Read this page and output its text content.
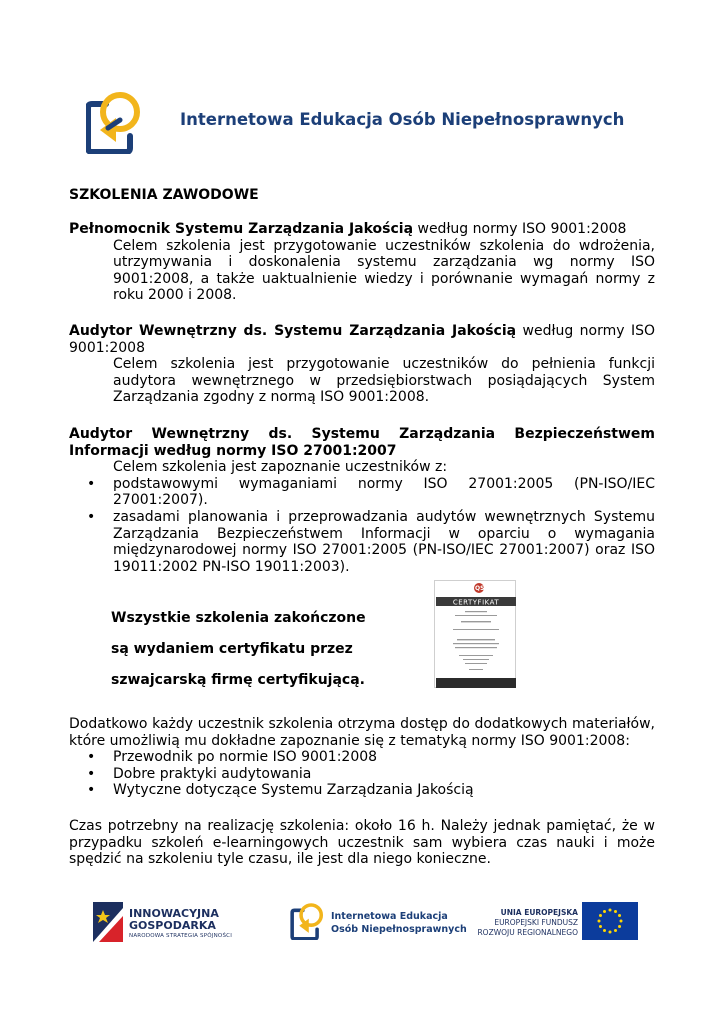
Internetowa Edukacja Osób Niepełnosprawnych
SZKOLENIA ZAWODOWE
Pełnomocnik Systemu Zarządzania Jakością według normy ISO 9001:2008
Celem szkolenia jest przygotowanie uczestników szkolenia do wdrożenia, utrzymywania i doskonalenia systemu zarządzania wg normy ISO 9001:2008, a także uaktualnienie wiedzy i porównanie wymagań normy z roku 2000 i 2008.
Audytor Wewnętrzny ds. Systemu Zarządzania Jakością według normy ISO 9001:2008
Celem szkolenia jest przygotowanie uczestników do pełnienia funkcji audytora wewnętrznego w przedsiębiorstwach posiądających System Zarządzania zgodny z normą ISO 9001:2008.
Audytor Wewnętrzny ds. Systemu Zarządzania Bezpieczeństwem Informacji według normy ISO 27001:2007
Celem szkolenia jest zapoznanie uczestników z:
• podstawowymi wymaganiami normy ISO 27001:2005 (PN-ISO/IEC 27001:2007).
• zasadami planowania i przeprowadzania audytów wewnętrznych Systemu Zarządzania Bezpieczeństwem Informacji w oparciu o wymagania międzynarodowej normy ISO 27001:2005 (PN-ISO/IEC 27001:2007) oraz ISO 19011:2002 PN-ISO 19011:2003).
Wszystkie szkolenia zakończone
są wydaniem certyfikatu przez
szwajcarską firmę certyfikującą.
QS
CERTYFIKAT
Dodatkowo każdy uczestnik szkolenia otrzyma dostęp do dodatkowych materiałów, które umożliwią mu dokładne zapoznanie się z tematyką normy ISO 9001:2008:
• Przewodnik po normie ISO 9001:2008
• Dobre praktyki audytowania
• Wytyczne dotyczące Systemu Zarządzania Jakością
Czas potrzebny na realizację szkolenia: około 16 h. Należy jednak pamiętać, że w przypadku szkoleń e-learningowych uczestnik sam wybiera czas nauki i może spędzić na szkoleniu tyle czasu, ile jest dla niego konieczne.
INNOWACYJNA
GOSPODARKA
NARODOWA STRATEGIA SPÓJNOŚCI
Internetowa Edukacja
Osób Niepełnosprawnych
UNIA EUROPEJSKA
EUROPEJSKI FUNDUSZ
ROZWOJU REGIONALNEGO
